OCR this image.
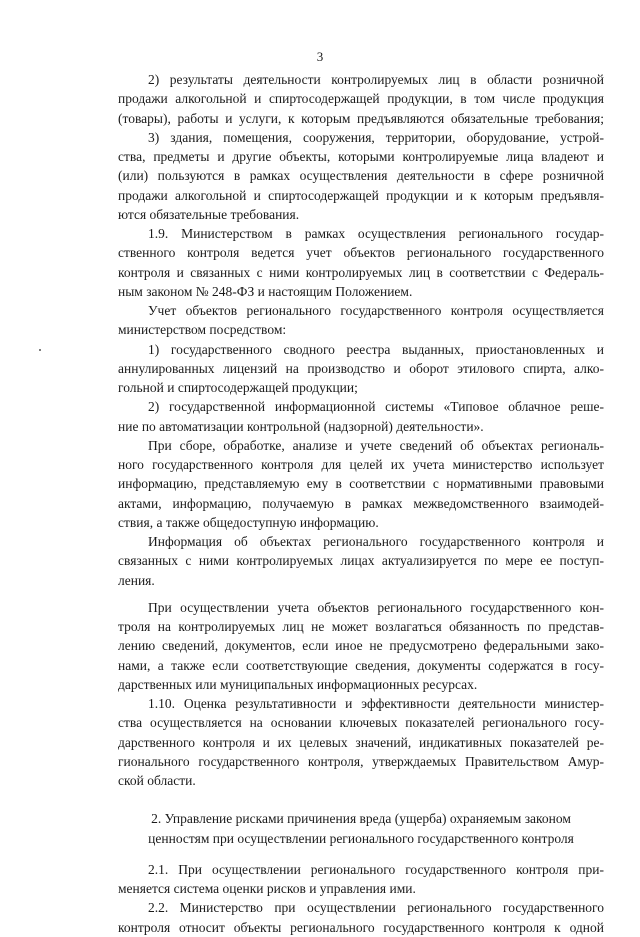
3
2) результаты деятельности контролируемых лиц в области розничной
продажи алкогольной и спиртосодержащей продукции, в том числе продукция
(товары), работы и услуги, к которым предъявляются обязательные требования;
3) здания, помещения, сооружения, территории, оборудование, устрой-
ства, предметы и другие объекты, которыми контролируемые лица владеют и
(или) пользуются в рамках осуществления деятельности в сфере розничной
продажи алкогольной и спиртосодержащей продукции и к которым предъявля-
ются обязательные требования.
1.9. Министерством в рамках осуществления регионального государ-
ственного контроля ведется учет объектов регионального государственного
контроля и связанных с ними контролируемых лиц в соответствии с Федераль-
ным законом № 248-ФЗ и настоящим Положением.
Учет объектов регионального государственного контроля осуществляется
министерством посредством:
1) государственного сводного реестра выданных, приостановленных и
аннулированных лицензий на производство и оборот этилового спирта, алко-
гольной и спиртосодержащей продукции;
2) государственной информационной системы «Типовое облачное реше-
ние по автоматизации контрольной (надзорной) деятельности».
При сборе, обработке, анализе и учете сведений об объектах региональ-
ного государственного контроля для целей их учета министерство использует
информацию, представляемую ему в соответствии с нормативными правовыми
актами, информацию, получаемую в рамках межведомственного взаимодей-
ствия, а также общедоступную информацию.
Информация об объектах регионального государственного контроля и
связанных с ними контролируемых лицах актуализируется по мере ее поступ-
ления.
При осуществлении учета объектов регионального государственного кон-
троля на контролируемых лиц не может возлагаться обязанность по представ-
лению сведений, документов, если иное не предусмотрено федеральными зако-
нами, а также если соответствующие сведения, документы содержатся в госу-
дарственных или муниципальных информационных ресурсах.
1.10. Оценка результативности и эффективности деятельности министер-
ства осуществляется на основании ключевых показателей регионального госу-
дарственного контроля и их целевых значений, индикативных показателей ре-
гионального государственного контроля, утверждаемых Правительством Амур-
ской области.
2. Управление рисками причинения вреда (ущерба) охраняемым законом
ценностям при осуществлении регионального государственного контроля
2.1. При осуществлении регионального государственного контроля при-
меняется система оценки рисков и управления ими.
2.2. Министерство при осуществлении регионального государственного
контроля относит объекты регионального государственного контроля к одной
